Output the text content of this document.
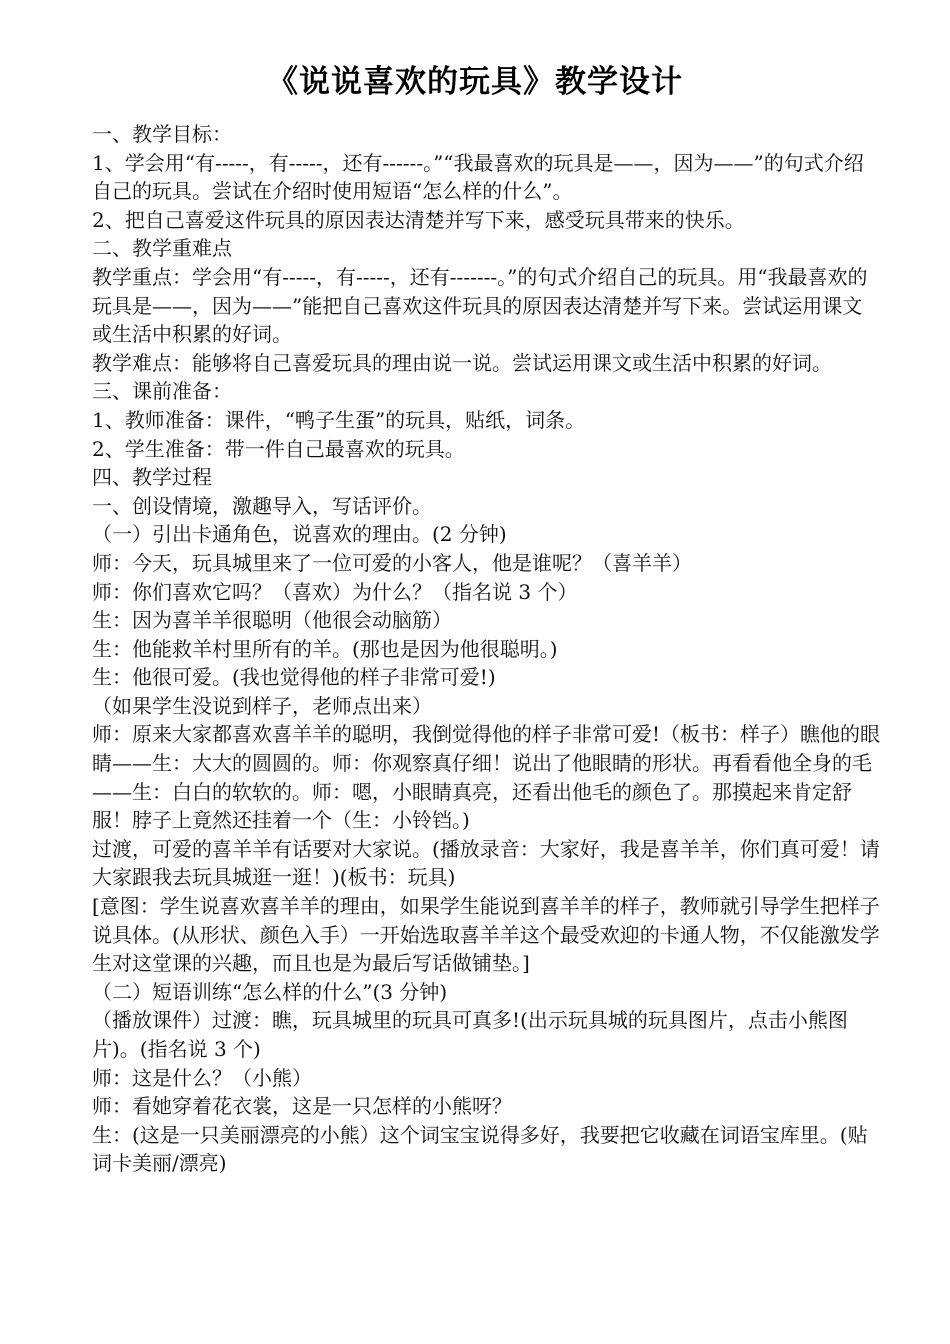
《说说喜欢的玩具》教学设计

一、教学目标：

1、学会用“有-----，有-----，还有------。”“我最喜欢的玩具是——，因为——”的句式介绍自己的玩具。尝试在介绍时使用短语“怎么样的什么”。

2、把自己喜爱这件玩具的原因表达清楚并写下来，感受玩具带来的快乐。

二、教学重难点

教学重点：学会用“有-----，有-----，还有-------。”的句式介绍自己的玩具。用“我最喜欢的玩具是——，因为——”能把自己喜欢这件玩具的原因表达清楚并写下来。尝试运用课文或生活中积累的好词。

教学难点：能够将自己喜爱玩具的理由说一说。尝试运用课文或生活中积累的好词。

三、课前准备：

1、教师准备：课件，“鸭子生蛋”的玩具，贴纸，词条。

2、学生准备：带一件自己最喜欢的玩具。

四、教学过程

一、创设情境，激趣导入，写话评价。

（一）引出卡通角色，说喜欢的理由。(2 分钟)

师：今天，玩具城里来了一位可爱的小客人，他是谁呢？（喜羊羊）

师：你们喜欢它吗？（喜欢）为什么？（指名说 3 个）

生：因为喜羊羊很聪明（他很会动脑筋）

生：他能救羊村里所有的羊。(那也是因为他很聪明。)

生：他很可爱。(我也觉得他的样子非常可爱!)

（如果学生没说到样子，老师点出来）

师：原来大家都喜欢喜羊羊的聪明，我倒觉得他的样子非常可爱!（板书：样子）瞧他的眼睛——生：大大的圆圆的。师：你观察真仔细！说出了他眼睛的形状。再看看他全身的毛——生：白白的软软的。师：嗯，小眼睛真亮，还看出他毛的颜色了。那摸起来肯定舒服！脖子上竟然还挂着一个（生：小铃铛。)

过渡，可爱的喜羊羊有话要对大家说。(播放录音：大家好，我是喜羊羊，你们真可爱！请大家跟我去玩具城逛一逛！)(板书：玩具)

[意图：学生说喜欢喜羊羊的理由，如果学生能说到喜羊羊的样子，教师就引导学生把样子说具体。(从形状、颜色入手）一开始选取喜羊羊这个最受欢迎的卡通人物，不仅能激发学生对这堂课的兴趣，而且也是为最后写话做铺垫。]

（二）短语训练“怎么样的什么”(3 分钟)

（播放课件）过渡：瞧，玩具城里的玩具可真多!(出示玩具城的玩具图片，点击小熊图片)。(指名说 3 个)

师：这是什么？（小熊）

师：看她穿着花衣裳，这是一只怎样的小熊呀？

生：(这是一只美丽漂亮的小熊）这个词宝宝说得多好，我要把它收藏在词语宝库里。(贴词卡美丽/漂亮)
